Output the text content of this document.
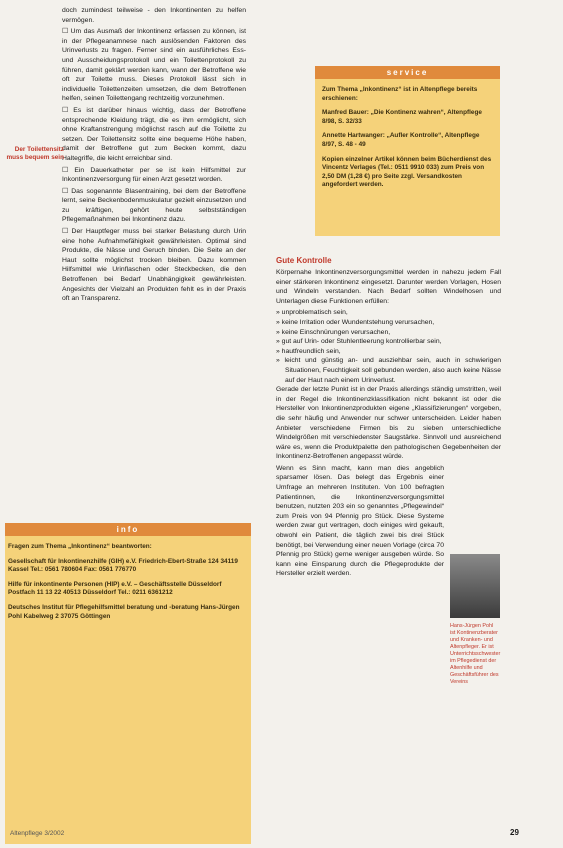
doch zumindest teilweise - den Inkontinenten zu helfen vermögen.

☐ Um das Ausmaß der Inkontinenz erfassen zu können, ist in der Pflegeanamnese nach auslösenden Faktoren des Urinverlusts zu fragen. Ferner sind ein ausführliches Ess- und Ausscheidungsprotokoll und ein Toilettenprotokoll zu führen, damit geklärt werden kann, wann der Betroffene wie oft zur Toilette muss. Dieses Protokoll lässt sich in individuelle Toilettenzeiten umsetzen, die dem Betroffenen helfen, seinen Toilettengang rechtzeitig vorzunehmen.

☐ Es ist darüber hinaus wichtig, dass der Betroffene entsprechende Kleidung trägt, die es ihm ermöglicht, sich ohne Kraftanstrengung möglichst rasch auf die Toilette zu setzen. Der Toilettensitz sollte eine bequeme Höhe haben, damit der Betroffene gut zum Becken kommt, dazu Haltegriffe, die leicht erreichbar sind.

☐ Ein Dauerkatheter per se ist kein Hilfsmittel zur Inkontinenzversorgung für einen Arzt gesetzt worden.

☐ Das sogenannte Blasentraining, bei dem der Betroffene lernt, seine Beckenbodenmuskulatur gezielt einzusetzen und zu kräftigen, gehört heute selbstständigen Pflegemaßnahmen bei Inkontinenz dazu.

☐ Der Hauptfeger muss bei starker Belastung durch Urin eine hohe Aufnahmefähigkeit gewährleisten. Optimal sind Produkte, die Nässe und Geruch binden. Die Seite an der Haut sollte möglichst trocken bleiben. Dazu kommen Hilfsmittel wie Urinflaschen oder Steckbecken, die den Betroffenen bei Bedarf Unabhängigkeit gewährleisten. Angesichts der Vielzahl an Produkten fehlt es in der Praxis oft an Transparenz.

Der Toilettensitz muss bequem sein
service

Zum Thema „Inkontinenz“ ist in Altenpflege bereits erschienen:

Manfred Bauer: „Die Kontinenz wahren“, Altenpflege 8/98, S. 32/33

Annette Hartwanger: „Aufler Kontrolle“, Altenpflege 8/97, S. 48 - 49

Kopien einzelner Artikel können beim Bücherdienst des Vincentz Verlages (Tel.: 0511 9910 033) zum Preis von 2,50 DM (1,28 €) pro Seite zzgl. Versandkosten angefordert werden.

Gute Kontrolle

Körpernahe Inkontinenzversorgungsmittel werden in nahezu jedem Fall einer stärkeren Inkontinenz eingesetzt. Darunter werden Vorlagen, Hosen und Windeln verstanden. Nach Bedarf sollten Windelhosen und Unterlagen diese Funktionen erfüllen:

» unproblematisch sein,
» keine Irritation oder Wundentstehung verursachen,
» keine Einschnürungen verursachen,
» gut auf Urin- oder Stuhlentleerung kontrollierbar sein,
» hautfreundlich sein,
» leicht und günstig an- und ausziehbar sein, auch in schwierigen Situationen, Feuchtigkeit soll gebunden werden, also auch keine Nässe auf der Haut nach einem Urinverlust.

Gerade der letzte Punkt ist in der Praxis allerdings ständig umstritten, weil in der Regel die Inkontinenzklassifikation nicht bekannt ist oder die Hersteller von Inkontinenzprodukten eigene „Klassifizierungen“ vorgeben, die sehr häufig und Anwender nur schwer unterscheiden. Leider haben Anbieter verschiedene Firmen bis zu sieben unterschiedliche Windelgrößen mit verschiedenster Saugstärke. Sinnvoll und ausreichend wäre es, wenn die Produktpalette den pathologischen Gegebenheiten der Inkontinenz-Betroffenen angepasst würde.

Wenn es Sinn macht, kann man dies angeblich sparsamer lösen. Das belegt das Ergebnis einer Umfrage an mehreren Instituten. Von 100 befragten Patientinnen, die Inkontinenzversorgungsmittel benutzen, nutzten 203 ein so genanntes „Pflegewindel“ zum Preis von 94 Pfennig pro Stück. Diese Systeme werden zwar gut vertragen, doch einiges wird gekauft, obwohl ein Patient, die täglich zwei bis drei Stück benötigt, bei Verwendung einer neuen Vorlage (circa 70 Pfennig pro Stück) gerne weniger ausgeben würde. So kann eine Einsparung durch die Pflegeprodukte der Hersteller erzielt werden.

Hans-Jürgen Pohl ist Kontinenzberater und Kranken- und Altenpfleger. Er ist Unterrichtsschwester im Pflegedienst der Altenhilfe und Geschäftsführer des Vereins
info

Fragen zum Thema „Inkontinenz“ beantworten:

Gesellschaft für Inkontinenzhilfe (GIH) e.V. Friedrich-Ebert-Straße 124 34119 Kassel Tel.: 0561 780604 Fax: 0561 776770

Hilfe für inkontinente Personen (HIP) e.V. – Geschäftsstelle Düsseldorf Postfach 11 13 22 40513 Düsseldorf Tel.: 0211 6361212

Deutsches Institut für Pflegehilfsmittel beratung und -beratung Hans-Jürgen Pohl Kabelweg 2 37075 Göttingen

Altenpflege 3/2002	29
